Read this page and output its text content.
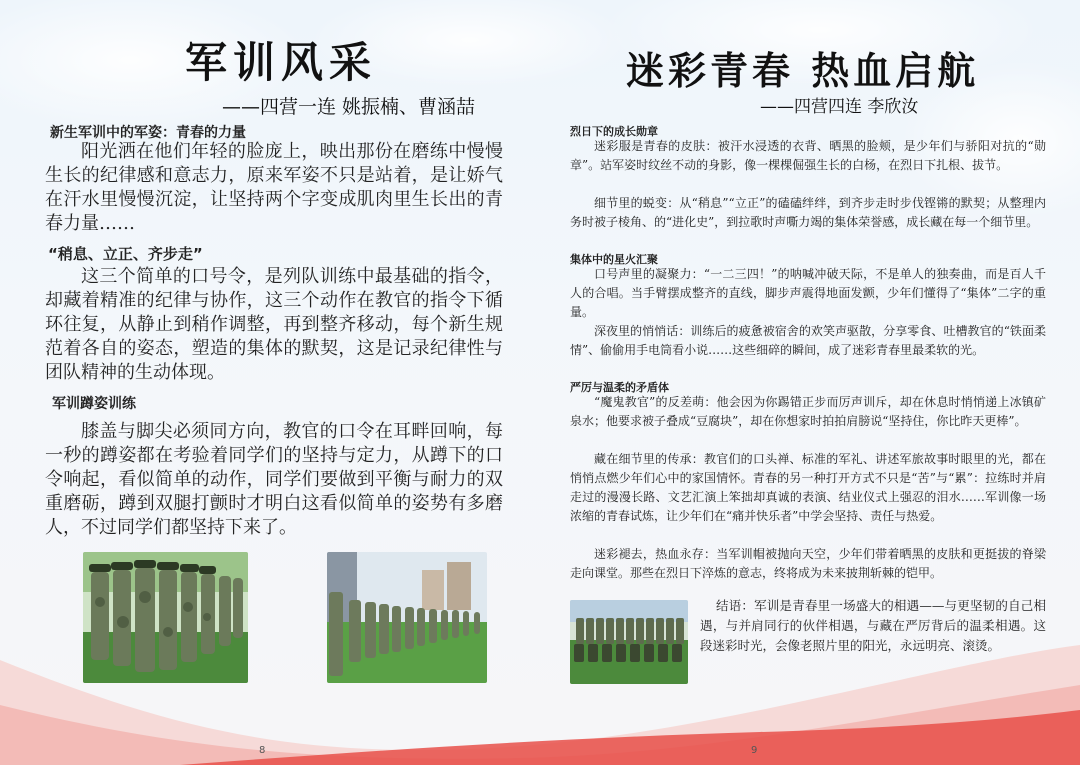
军训风采
——四营一连 姚振楠、曹涵喆
新生军训中的军姿：青春的力量

阳光洒在他们年轻的脸庞上，映出那份在磨练中慢慢生长的纪律感和意志力，原来军姿不只是站着，是让娇气在汗水里慢慢沉淀，让坚持两个字变成肌肉里生长出的青春力量……

“稍息、立正、齐步走”

这三个简单的口号令，是列队训练中最基础的指令，却藏着精准的纪律与协作，这三个动作在教官的指令下循环往复，从静止到稍作调整，再到整齐移动，每个新生规范着各自的姿态，塑造的集体的默契，这是记录纪律性与团队精神的生动体现。

军训蹲姿训练

膝盖与脚尖必须同方向，教官的口令在耳畔回响，每一秒的蹲姿都在考验着同学们的坚持与定力，从蹲下的口令响起，看似简单的动作，同学们要做到平衡与耐力的双重磨砺，蹲到双腿打颤时才明白这看似简单的姿势有多磨人，不过同学们都坚持下来了。

8
迷彩青春 热血启航
——四营四连 李欣汝
烈日下的成长勋章

迷彩服是青春的皮肤：被汗水浸透的衣背、晒黑的脸颊，是少年们与骄阳对抗的“勋章”。站军姿时纹丝不动的身影，像一棵棵倔强生长的白杨，在烈日下扎根、拔节。

细节里的蜕变：从“稍息”“立正”的磕磕绊绊，到齐步走时步伐铿锵的默契；从整理内务时被子棱角、的“进化史”，到拉歌时声嘶力竭的集体荣誉感，成长藏在每一个细节里。

集体中的星火汇聚

口号声里的凝聚力：“一二三四！”的呐喊冲破天际，不是单人的独奏曲，而是百人千人的合唱。当手臂摆成整齐的直线，脚步声震得地面发颤，少年们懂得了“集体”二字的重量。

深夜里的悄悄话：训练后的疲惫被宿舍的欢笑声驱散，分享零食、吐槽教官的“铁面柔情”、偷偷用手电筒看小说……这些细碎的瞬间，成了迷彩青春里最柔软的光。

严厉与温柔的矛盾体

“魔鬼教官”的反差萌：他会因为你踢错正步而厉声训斥，却在休息时悄悄递上冰镇矿泉水；他要求被子叠成“豆腐块”，却在你想家时拍拍肩膀说“坚持住，你比昨天更棒”。

藏在细节里的传承：教官们的口头禅、标准的军礼、讲述军旅故事时眼里的光，都在悄悄点燃少年们心中的家国情怀。青春的另一种打开方式不只是“苦”与“累”：拉练时并肩走过的漫漫长路、文艺汇演上笨拙却真诚的表演、结业仪式上强忍的泪水……军训像一场浓缩的青春试炼，让少年们在“痛并快乐者”中学会坚持、责任与热爱。

迷彩褪去，热血永存：当军训帽被抛向天空，少年们带着晒黑的皮肤和更挺拔的脊梁走向课堂。那些在烈日下淬炼的意志，终将成为未来披荆斩棘的铠甲。

结语：军训是青春里一场盛大的相遇——与更坚韧的自己相遇，与并肩同行的伙伴相遇，与藏在严厉背后的温柔相遇。这段迷彩时光，会像老照片里的阳光，永远明亮、滚烫。

9
